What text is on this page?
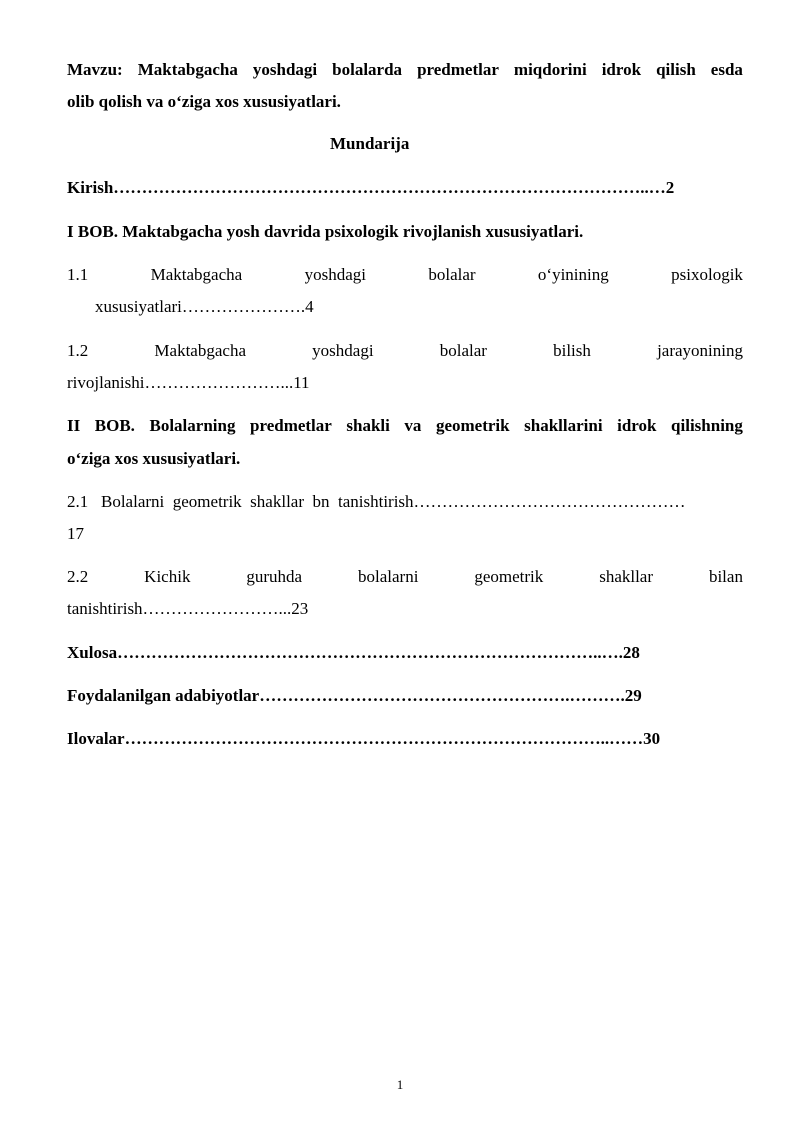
Mavzu: Maktabgacha yoshdagi bolalarda predmetlar miqdorini idrok qilish esda
olib qolish va o‘ziga xos xususiyatlari.
Mundarija
Kirish…………………………………………………………………………………..…2
I BOB. Maktabgacha yosh davrida psixologik rivojlanish xususiyatlari.
1.1	Maktabgacha	yoshdagi	bolalar	o‘yinining	psixologik
xususiyatlari………………….4
1.2	Maktabgacha	yoshdagi	bolalar	bilish	jarayonining
rivojlanishi……………………...11
II BOB. Bolalarning predmetlar shakli va geometrik shakllarini idrok qilishning
o‘ziga xos xususiyatlari.
2.1   Bolalarni  geometrik  shakllar  bn  tanishtirish…………………………………………
17
2.2	Kichik	guruhda	bolalarni	geometrik	shakllar	bilan
tanishtirish……………………...23
Xulosa…………………………………………………………………………..….28
Foydalanilgan adabiyotlar……………………………………………….……….29
Ilovalar…………………………………………………………………………..……30
1
